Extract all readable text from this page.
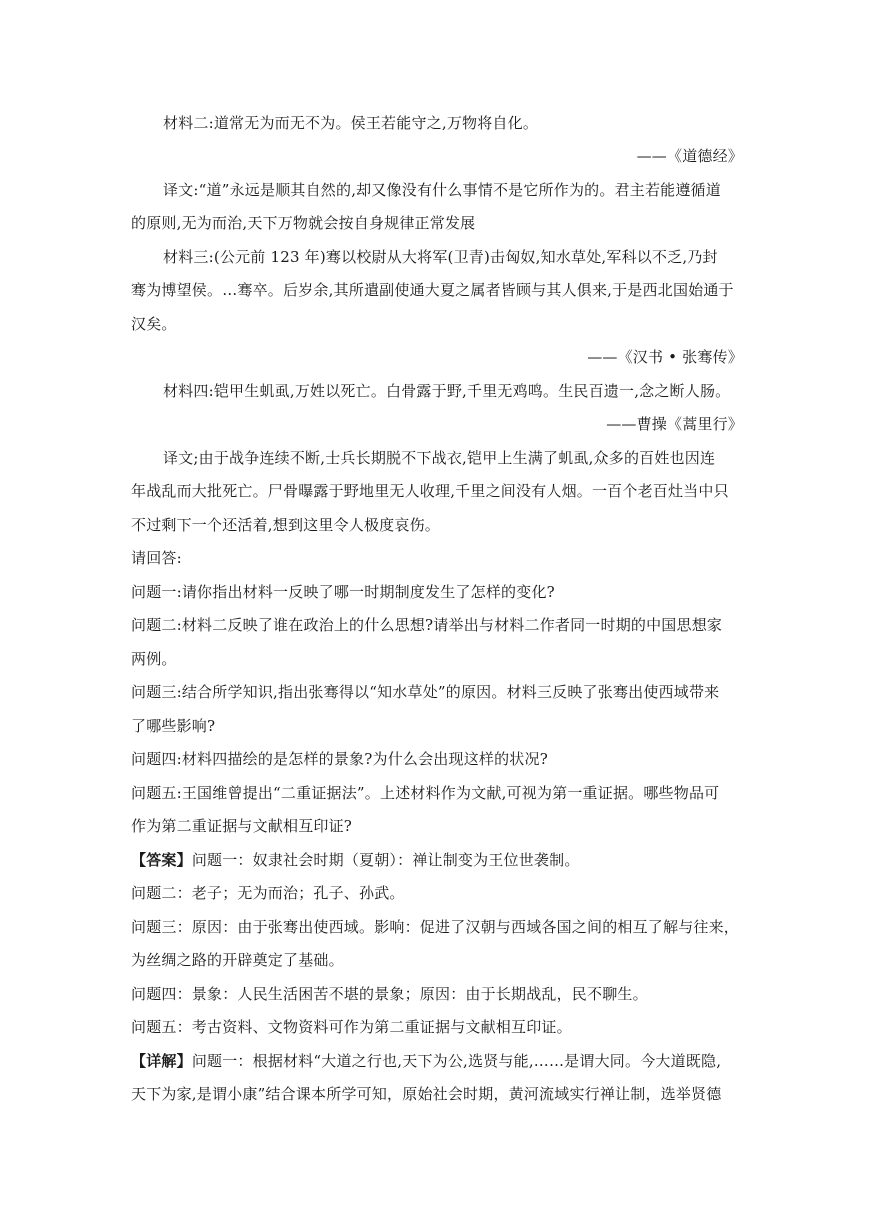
材料二:道常无为而无不为。侯王若能守之,万物将自化。
——《道德经》
译文:“道”永远是顺其自然的,却又像没有什么事情不是它所作为的。君主若能遵循道
的原则,无为而治,天下万物就会按自身规律正常发展
材料三:(公元前 123 年)骞以校尉从大将军(卫青)击匈奴,知水草处,军科以不乏,乃封
骞为博望侯。…骞卒。后岁余,其所遣副使通大夏之属者皆顾与其人俱来,于是西北国始通于
汉矣。
——《汉书 • 张骞传》
材料四:铠甲生虮虱,万姓以死亡。白骨露于野,千里无鸡鸣。生民百遗一,念之断人肠。
——曹操《蒿里行》
译文;由于战争连续不断,士兵长期脱不下战衣,铠甲上生满了虮虱,众多的百姓也因连
年战乱而大批死亡。尸骨曝露于野地里无人收理,千里之间没有人烟。一百个老百灶当中只
不过剩下一个还活着,想到这里令人极度哀伤。
请回答:
问题一:请你指出材料一反映了哪一时期制度发生了怎样的变化?
问题二:材料二反映了谁在政治上的什么思想?请举出与材料二作者同一时期的中国思想家
两例。
问题三:结合所学知识,指出张骞得以“知水草处”的原因。材料三反映了张骞出使西域带来
了哪些影响?
问题四:材料四描绘的是怎样的景象?为什么会出现这样的状况?
问题五:王国维曾提出“二重证据法”。上述材料作为文献,可视为第一重证据。哪些物品可
作为第二重证据与文献相互印证?
【答案】问题一：奴隶社会时期（夏朝）：禅让制变为王位世袭制。
问题二：老子；无为而治；孔子、孙武。
问题三：原因：由于张骞出使西域。影响：促进了汉朝与西域各国之间的相互了解与往来，
为丝绸之路的开辟奠定了基础。
问题四：景象：人民生活困苦不堪的景象；原因：由于长期战乱，民不聊生。
问题五：考古资料、文物资料可作为第二重证据与文献相互印证。
【详解】问题一：根据材料“大道之行也,天下为公,选贤与能,……是谓大同。今大道既隐,
天下为家,是谓小康”结合课本所学可知，原始社会时期，黄河流域实行禅让制，选举贤德
